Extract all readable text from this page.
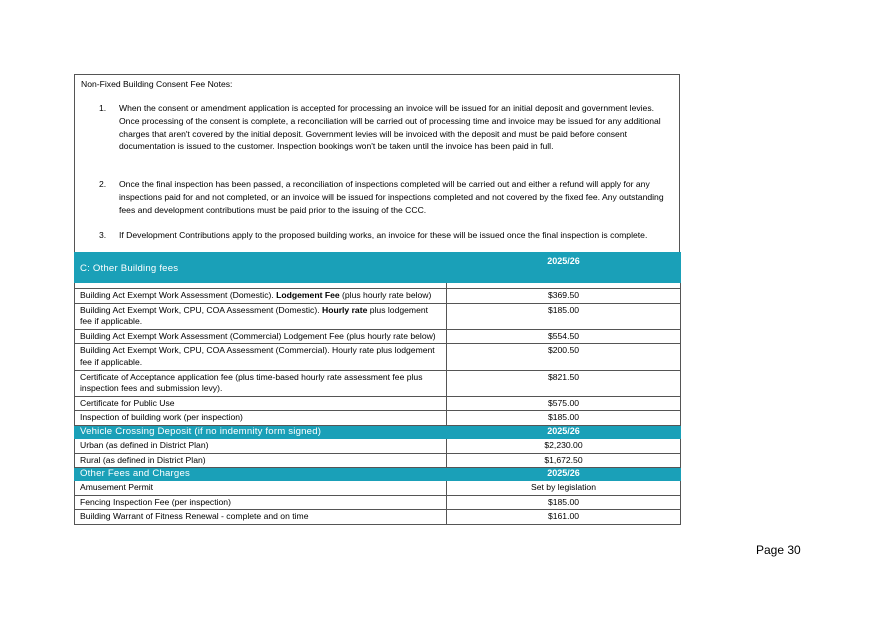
Non-Fixed Building Consent Fee Notes:
1.	When the consent or amendment application is accepted for processing an invoice will be issued for an initial deposit and government levies. Once processing of the consent is complete, a reconciliation will be carried out of processing time and invoice may be issued for any additional charges that aren't covered by the initial deposit. Government levies will be invoiced with the deposit and must be paid before consent documentation is issued to the customer. Inspection bookings won't be taken until the invoice has been paid in full.
2.	Once the final inspection has been passed, a reconciliation of inspections completed will be carried out and either a refund will apply for any inspections paid for and not completed, or an invoice will be issued for inspections completed and not covered by the fixed fee. Any outstanding fees and development contributions must be paid prior to the issuing of the CCC.
3.	If Development Contributions apply to the proposed building works, an invoice for these will be issued once the final inspection is complete.
C: Other Building fees	2025/26

Building Act Exempt Work Assessment (Domestic). Lodgement Fee (plus hourly rate below)	$369.50
Building Act Exempt Work, CPU, COA Assessment (Domestic). Hourly rate plus lodgement fee if applicable.	$185.00
Building Act Exempt Work Assessment (Commercial) Lodgement Fee (plus hourly rate below)	$554.50
Building Act Exempt Work, CPU, COA Assessment (Commercial). Hourly rate plus lodgement fee if applicable.	$200.50
Certificate of Acceptance application fee (plus time-based hourly rate assessment fee plus inspection fees and submission levy).	$821.50
Certificate for Public Use	$575.00
Inspection of building work (per inspection)	$185.00
Vehicle Crossing Deposit (if no indemnity form signed)	2025/26
Urban (as defined in District Plan)	$2,230.00
Rural (as defined in District Plan)	$1,672.50
Other Fees and Charges	2025/26
Amusement Permit	Set by legislation
Fencing Inspection Fee (per inspection)	$185.00
Building Warrant of Fitness Renewal - complete and on time	$161.00
Page 30
